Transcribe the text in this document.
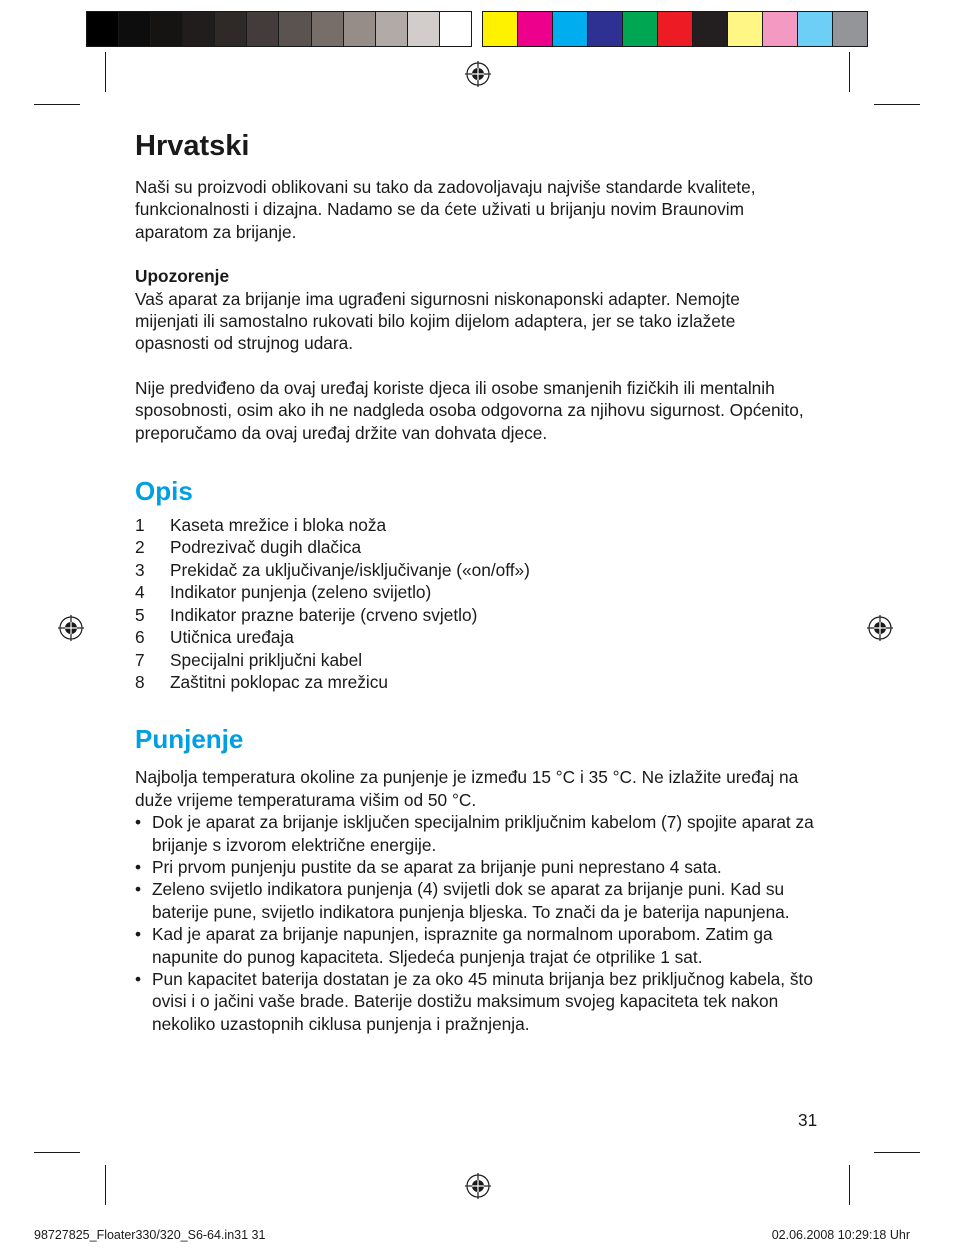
Hrvatski

Naši su proizvodi oblikovani su tako da zadovoljavaju najviše standarde kvalitete, funkcionalnosti i dizajna. Nadamo se da ćete uživati u brijanju novim Braunovim aparatom za brijanje.

Upozorenje

Vaš aparat za brijanje ima ugrađeni sigurnosni niskonaponski adapter. Nemojte mijenjati ili samostalno rukovati bilo kojim dijelom adaptera, jer se tako izlažete opasnosti od strujnog udara.

Nije predviđeno da ovaj uređaj koriste djeca ili osobe smanjenih fizičkih ili mentalnih sposobnosti, osim ako ih ne nadgleda osoba odgovorna za njihovu sigurnost. Općenito, preporučamo da ovaj uređaj držite van dohvata djece.

Opis
1	Kaseta mrežice i bloka noža
2	Podrezivač dugih dlačica
3	Prekidač za uključivanje/isključivanje («on/off»)
4	Indikator punjenja (zeleno svijetlo)
5	Indikator prazne baterije (crveno svjetlo)
6	Utičnica uređaja
7	Specijalni priključni kabel
8	Zaštitni poklopac za mrežicu
Punjenje

Najbolja temperatura okoline za punjenje je između 15 °C i 35 °C. Ne izlažite uređaj na duže vrijeme temperaturama višim od 50 °C.

• Dok je aparat za brijanje isključen specijalnim priključnim kabelom (7) spojite aparat za brijanje s izvorom električne energije.
• Pri prvom punjenju pustite da se aparat za brijanje puni neprestano 4 sata.
• Zeleno svijetlo indikatora punjenja (4) svijetli dok se aparat za brijanje puni. Kad su baterije pune, svijetlo indikatora punjenja bljeska. To znači da je baterija napunjena.
• Kad je aparat za brijanje napunjen, ispraznite ga normalnom uporabom. Zatim ga napunite do punog kapaciteta. Sljedeća punjenja trajat će otprilike 1 sat.
• Pun kapacitet baterija dostatan je za oko 45 minuta brijanja bez priključnog kabela, što ovisi i o jačini vaše brade. Baterije dostižu maksimum svojeg kapaciteta tek nakon nekoliko uzastopnih ciklusa punjenja i pražnjenja.
31
98727825_Floater330/320_S6-64.in31 31	02.06.2008 10:29:18 Uhr
